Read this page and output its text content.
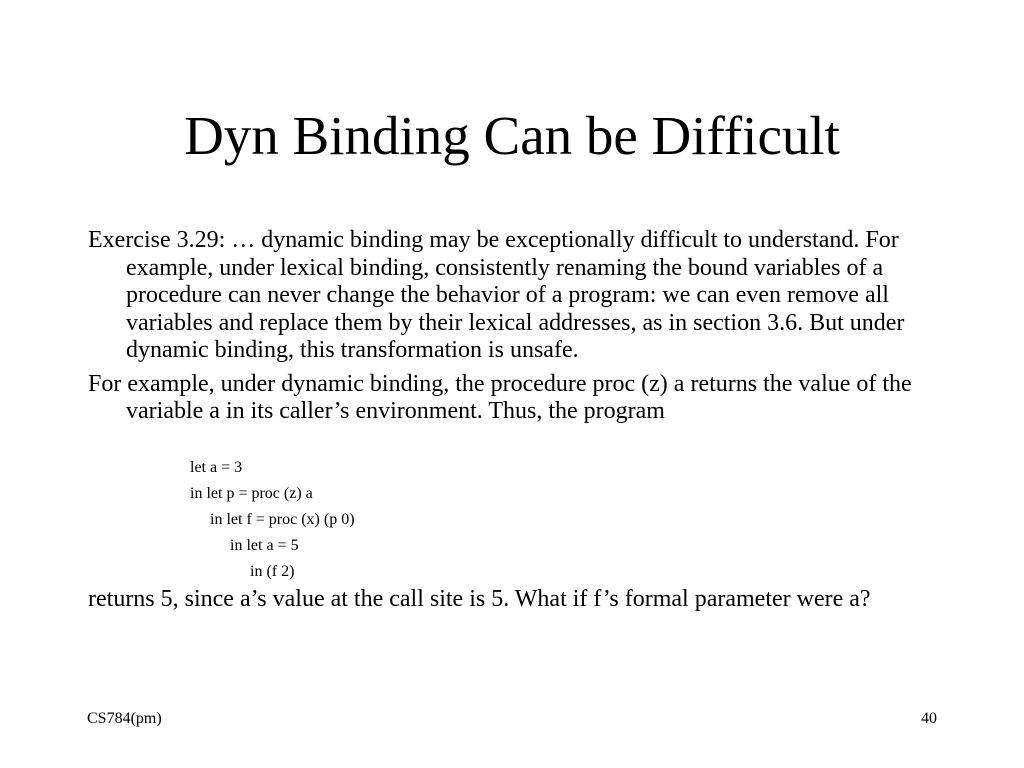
Dyn Binding Can be Difficult

Exercise 3.29: … dynamic binding may be exceptionally difficult to understand. For example, under lexical binding, consistently renaming the bound variables of a procedure can never change the behavior of a program: we can even remove all variables and replace them by their lexical addresses, as in section 3.6. But under dynamic binding, this transformation is unsafe.

For example, under dynamic binding, the procedure proc (z) a returns the value of the variable a in its caller’s environment. Thus, the program

let a = 3
in let p = proc (z) a
in let f = proc (x) (p 0)
in let a = 5
in (f 2)

returns 5, since a’s value at the call site is 5. What if f’s formal parameter were a?

CS784(pm)	40
